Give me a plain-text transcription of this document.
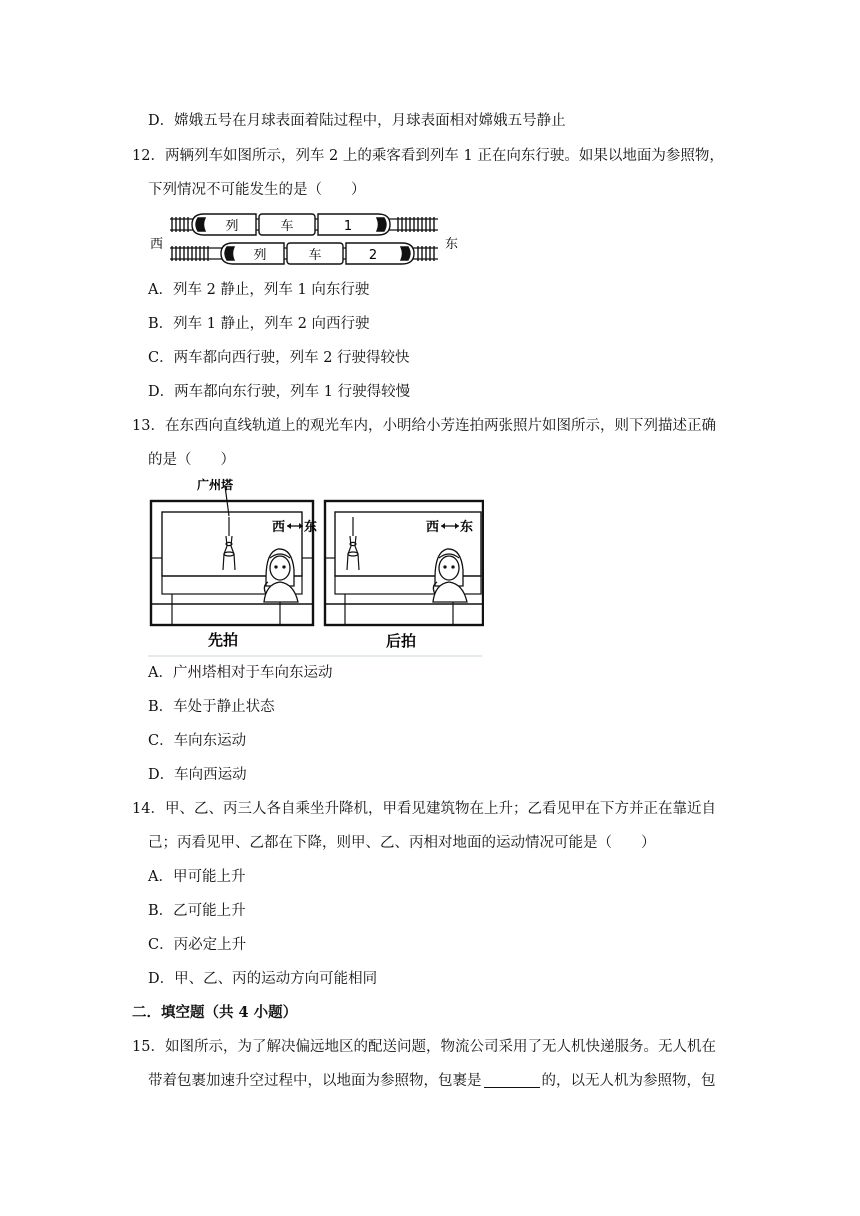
D．嫦娥五号在月球表面着陆过程中，月球表面相对嫦娥五号静止
12．两辆列车如图所示，列车 2 上的乘客看到列车 1 正在向东行驶。如果以地面为参照物，
下列情况不可能发生的是（　　）
列	车	1
列	车	2
西	东
A．列车 2 静止，列车 1 向东行驶
B．列车 1 静止，列车 2 向西行驶
C．两车都向西行驶，列车 2 行驶得较快
D．两车都向东行驶，列车 1 行驶得较慢
13．在东西向直线轨道上的观光车内，小明给小芳连拍两张照片如图所示，则下列描述正确
的是（　　）
广州塔
西 东
先拍
西 东
后拍
A．广州塔相对于车向东运动
B．车处于静止状态
C．车向东运动
D．车向西运动
14．甲、乙、丙三人各自乘坐升降机，甲看见建筑物在上升；乙看见甲在下方并正在靠近自
己；丙看见甲、乙都在下降，则甲、乙、丙相对地面的运动情况可能是（　　）
A．甲可能上升
B．乙可能上升
C．丙必定上升
D．甲、乙、丙的运动方向可能相同
二．填空题（共 4 小题）
15．如图所示，为了解决偏远地区的配送问题，物流公司采用了无人机快递服务。无人机在
带着包裹加速升空过程中，以地面为参照物，包裹是	的，以无人机为参照物，包
